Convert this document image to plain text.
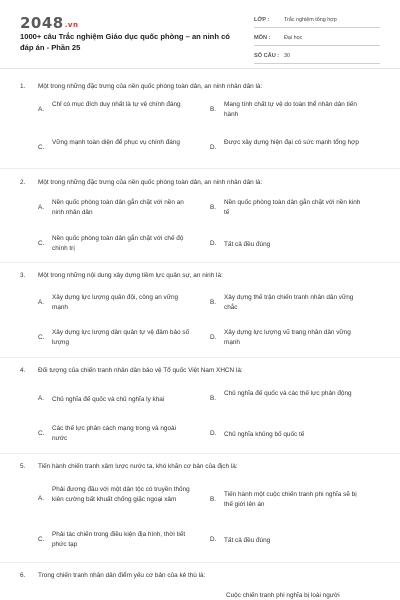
2048.vn
1000+ câu Trắc nghiệm Giáo dục quốc phòng – an ninh có đáp án - Phần 25
LỚP :	Trắc nghiệm tổng hợp
MÔN :	Đại học
SỐ CÂU : 30
1. Một trong những đặc trưng của nền quốc phòng toàn dân, an ninh nhân dân là:
A.
Chỉ có mục đích duy nhất là tự vệ chính đáng
B.
Mang tính chất tự vệ do toàn thể nhân dân tiến hành
C.
Vững mạnh toàn diện để phục vụ chính đáng
D.
Được xây dựng hiện đại có sức mạnh tổng hợp
2. Một trong những đặc trưng của nền quốc phòng toàn dân, an ninh nhân dân là:
A.
Nền quốc phòng toàn dân gắn chặt với nền an ninh nhân dân
B.
Nền quốc phòng toàn dân gắn chặt với nền kinh tế
C.
Nền quốc phòng toàn dân gắn chặt với chế độ chính trị
D. Tất cả đều đúng
3. Một trong những nội dung xây dựng tiềm lực quân sự, an ninh là:
A.
Xây dựng lực lượng quân đội, công an vững mạnh
B.
Xây dựng thế trận chiến tranh nhân dân vững chắc
C.
Xây dựng lực lượng dân quân tự vệ đảm bảo số lượng
D.
Xây dựng lực lượng vũ trang nhân dân vững mạnh
4. Đối tượng của chiến tranh nhân dân bảo vệ Tổ quốc Việt Nam XHCN là:
A. Chủ nghĩa đế quốc và chủ nghĩa ly khai	B.
Chủ nghĩa đế quốc và các thế lực phản động
C.
Các thế lực phân cách mạng trong và ngoài nước
D. Chủ nghĩa khủng bố quốc tế
5. Tiến hành chiến tranh xâm lược nước ta, khó khăn cơ bản của địch là:
A.
Phải đương đầu với một dân tộc có truyền thống kiên cường bất khuất chống giặc ngoại xâm	B.
Tiến hành một cuộc chiến tranh phi nghĩa sẽ bị thế giới lên án
C.
Phải tác chiến trong điều kiện địa hình, thời tiết phức tạp
D. Tất cả đều đúng
6. Trong chiến tranh nhân dân điểm yếu cơ bản của kẻ thù là:
Cuộc chiến tranh phi nghĩa bị loài người
